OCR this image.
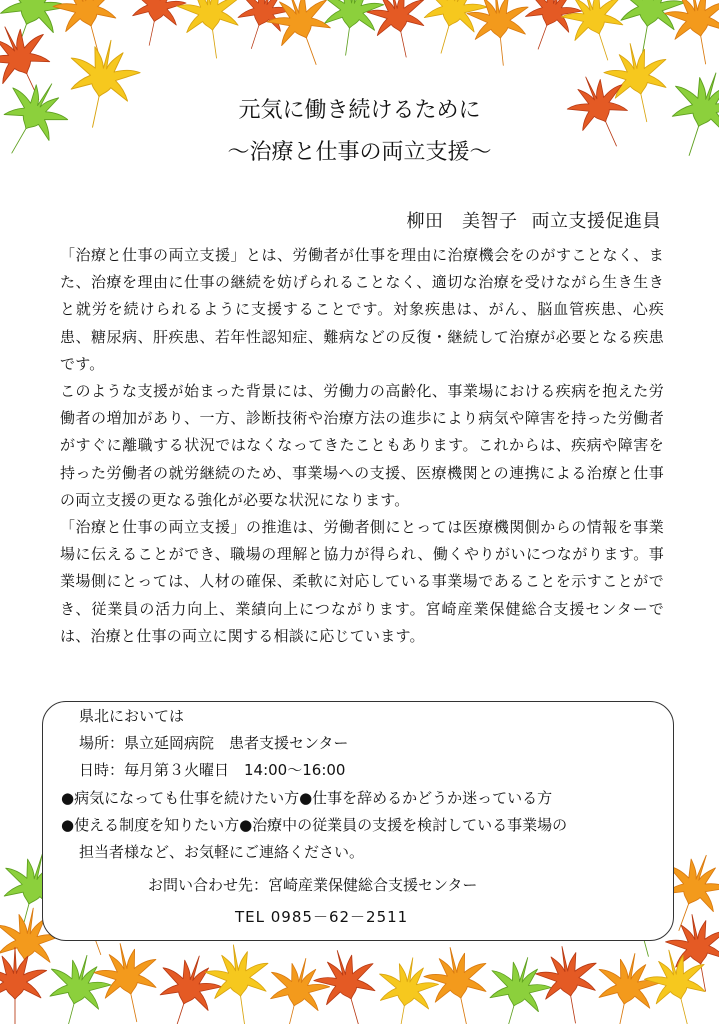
元気に働き続けるために
〜治療と仕事の両立支援〜
柳田　美智子 両立支援促進員

「治療と仕事の両立支援」とは、労働者が仕事を理由に治療機会をのがすことなく、また、治療を理由に仕事の継続を妨げられることなく、適切な治療を受けながら生き生きと就労を続けられるように支援することです。対象疾患は、がん、脳血管疾患、心疾患、糖尿病、肝疾患、若年性認知症、難病などの反復・継続して治療が必要となる疾患です。

このような支援が始まった背景には、労働力の高齢化、事業場における疾病を抱えた労働者の増加があり、一方、診断技術や治療方法の進歩により病気や障害を持った労働者がすぐに離職する状況ではなくなってきたこともあります。これからは、疾病や障害を持った労働者の就労継続のため、事業場への支援、医療機関との連携による治療と仕事の両立支援の更なる強化が必要な状況になります。

「治療と仕事の両立支援」の推進は、労働者側にとっては医療機関側からの情報を事業場に伝えることができ、職場の理解と協力が得られ、働くやりがいにつながります。事業場側にとっては、人材の確保、柔軟に対応している事業場であることを示すことができ、従業員の活力向上、業績向上につながります。宮崎産業保健総合支援センターでは、治療と仕事の両立に関する相談に応じています。

県北においては
場所：県立延岡病院　患者支援センター
日時：毎月第３火曜日　14:00〜16:00
●病気になっても仕事を続けたい方●仕事を辞めるかどうか迷っている方
●使える制度を知りたい方●治療中の従業員の支援を検討している事業場の
担当者様など、お気軽にご連絡ください。
お問い合わせ先：宮崎産業保健総合支援センター
TEL 0985－62－2511
